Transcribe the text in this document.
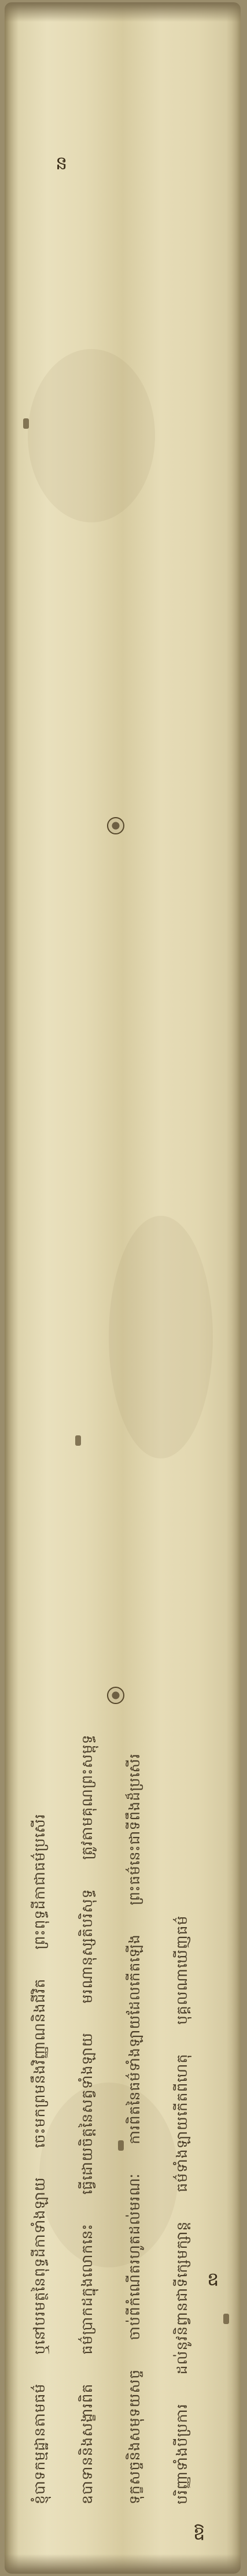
ន
ឱ
ឧ
ខ្ញុំបាទកម្មដ្ឋានតាមធម៌
ឬនៅបរមត្ថនៃពុទ្ធដីកាទាំងឡាយ
ចេះមកព្រមនឹងវិញ្ញាណនិងជីវិត
ព្រះពុទ្ធដីកាជាធម៌ប្រសើរ
ឧបាទាននិងសង្ខារពិត
ធម៌ប្រាកដក្នុងលោកនេះ
ធ្វើដោយចិត្តនៃសត្វទាំងឡាយ
មរណានុស្សតិបរិសុទ្ធ
ត្រូវតាមគុណព្រះសម្ពុទ្ធ
ទុក្ខសច្ចនិងសមុទយសច្ច
ចាប់ពីកំណើតរហូតដល់មរណៈ
ការពិតនៃធម៌ទាំងឡាយដែលកើតឡើង
ព្រះធម៌នេះជាទីពឹងដ៏ប្រសើរ
បរិញ្ញាទាំងបីប្រការ
ដល់នូវនិព្វានជាទីក្សេមក្សាន្ត
ធម៌ទាំងឡាយកើតពីហេតុ
បុគ្គលណាឃើញធម៌
